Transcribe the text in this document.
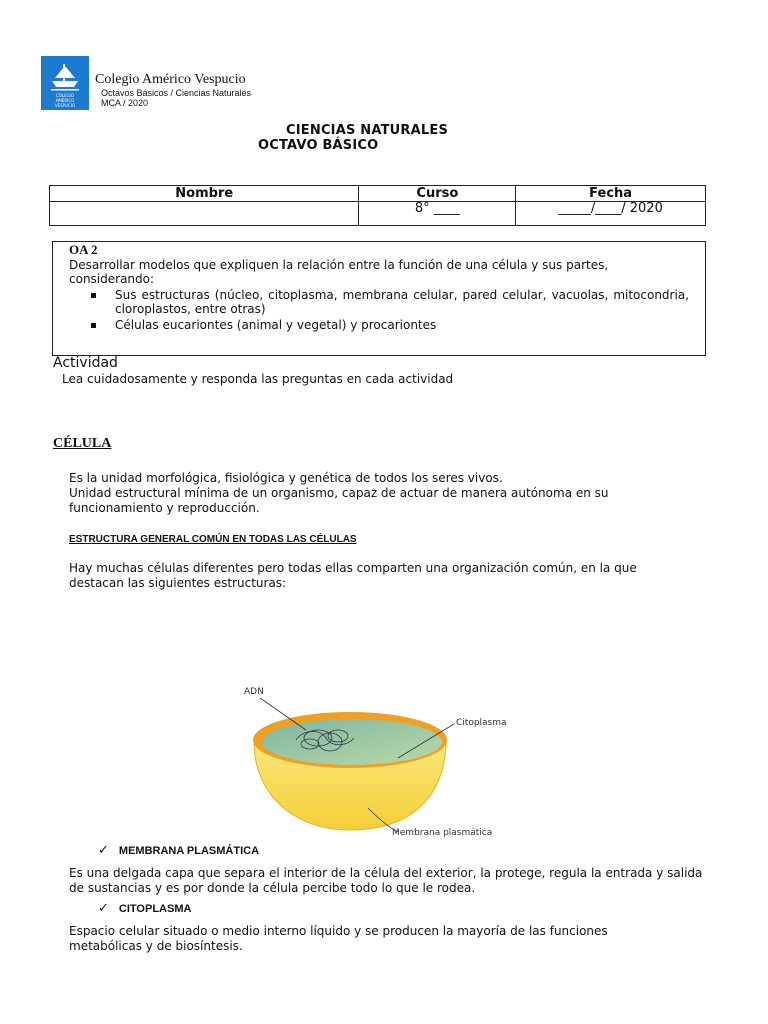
COLEGIO
AMÉRICO
VESPUCIO
Colegio Américo Vespucio
Octavos Básicos / Ciencias Naturales
MCA / 2020
CIENCIAS NATURALES
OCTAVO BÁSICO
Nombre	Curso	Fecha
	8° ____	_____/____/ 2020
OA 2
Desarrollar modelos que expliquen la relación entre la función de una célula y sus partes, considerando:
Sus estructuras (núcleo, citoplasma, membrana celular, pared celular, vacuolas, mitocondria, cloroplastos, entre otras)
Células eucariontes (animal y vegetal) y procariontes
Actividad
Lea cuidadosamente y responda las preguntas en cada actividad
CÉLULA
Es la unidad morfológica, fisiológica y genética de todos los seres vivos.
Unidad estructural mínima de un organismo, capaz de actuar de manera autónoma en su funcionamiento y reproducción.
ESTRUCTURA GENERAL COMÚN EN TODAS LAS CÉLULAS
Hay muchas células diferentes pero todas ellas comparten una organización común, en la que destacan las siguientes estructuras:
ADN
Citoplasma
Membrana plasmática
✓ MEMBRANA PLASMÁTICA
Es una delgada capa que separa el interior de la célula del exterior, la protege, regula la entrada y salida de sustancias y es por donde la célula percibe todo lo que le rodea.
✓ CITOPLASMA
Espacio celular situado o medio interno líquido y se producen la mayoría de las funciones metabólicas y de biosíntesis.
